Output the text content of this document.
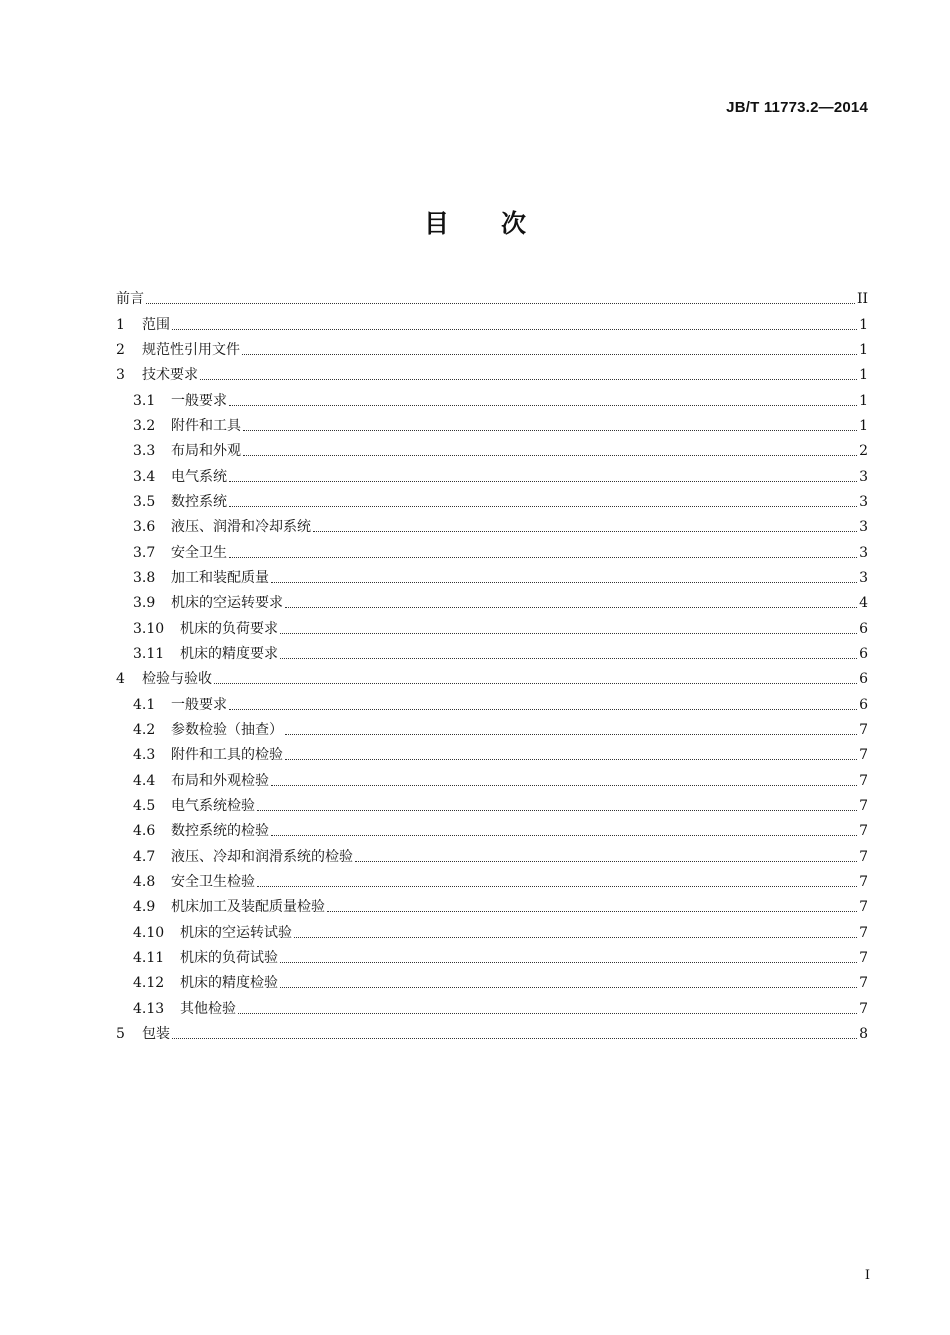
JB/T 11773.2—2014
目 次
前言	II
1	范围	1
2	规范性引用文件	1
3	技术要求	1
3.1	一般要求	1
3.2	附件和工具	1
3.3	布局和外观	2
3.4	电气系统	3
3.5	数控系统	3
3.6	液压、润滑和冷却系统	3
3.7	安全卫生	3
3.8	加工和装配质量	3
3.9	机床的空运转要求	4
3.10	机床的负荷要求	6
3.11	机床的精度要求	6
4	检验与验收	6
4.1	一般要求	6
4.2	参数检验（抽查）	7
4.3	附件和工具的检验	7
4.4	布局和外观检验	7
4.5	电气系统检验	7
4.6	数控系统的检验	7
4.7	液压、冷却和润滑系统的检验	7
4.8	安全卫生检验	7
4.9	机床加工及装配质量检验	7
4.10	机床的空运转试验	7
4.11	机床的负荷试验	7
4.12	机床的精度检验	7
4.13	其他检验	7
5	包装	8
I
